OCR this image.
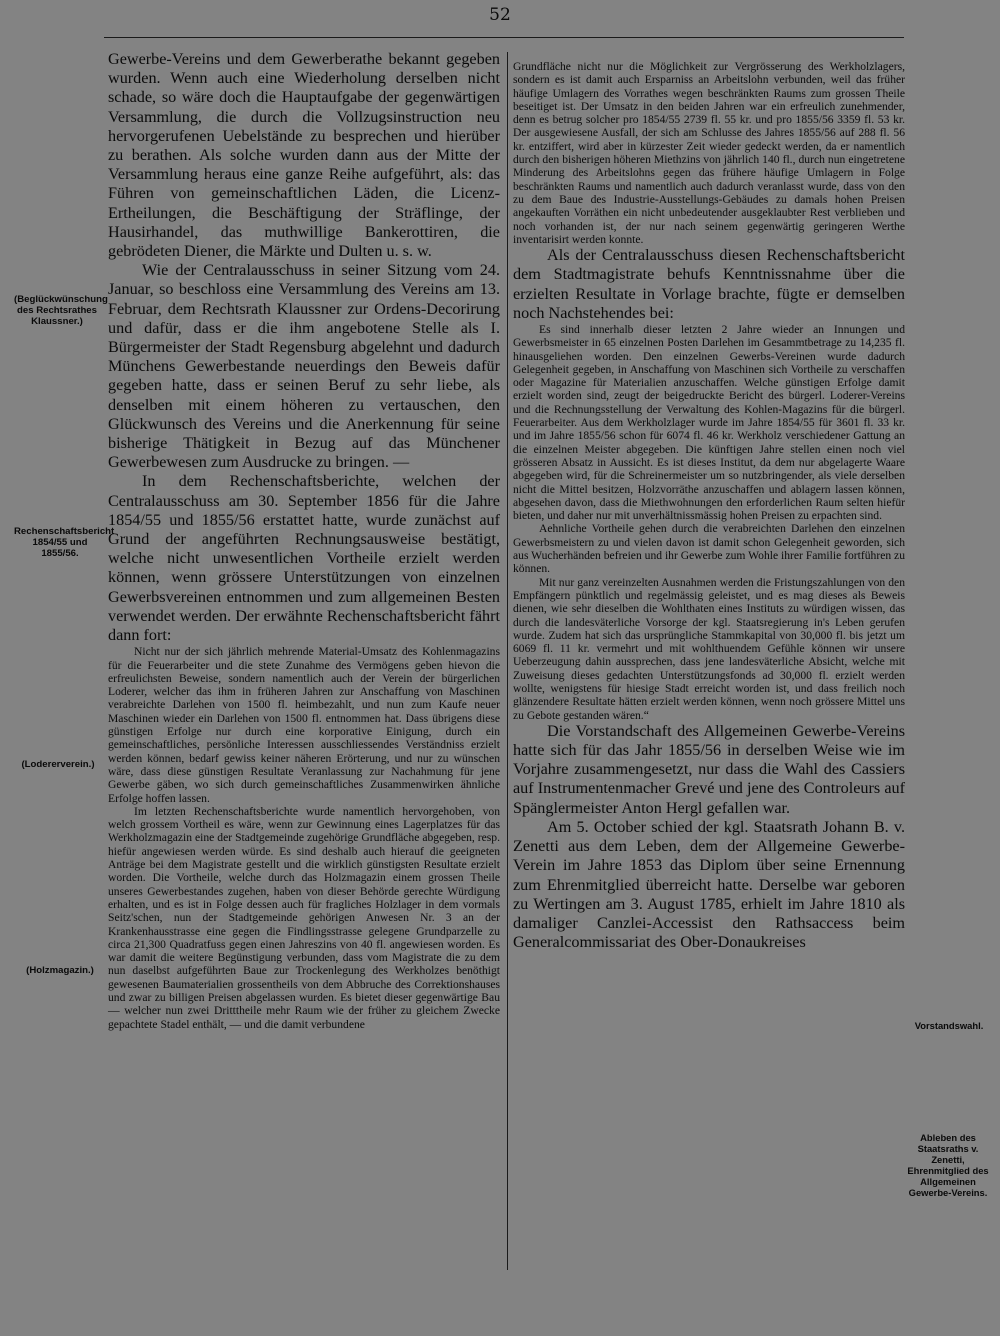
52

Gewerbe-Vereins und dem Gewerberathe bekannt gegeben wurden. Wenn auch eine Wiederholung derselben nicht schade, so wäre doch die Hauptaufgabe der gegenwärtigen Versammlung, die durch die Vollzugsinstruction neu hervorgerufenen Uebelstände zu besprechen und hierüber zu berathen. Als solche wurden dann aus der Mitte der Versammlung heraus eine ganze Reihe aufgeführt, als: das Führen von gemeinschaftlichen Läden, die Licenz-Ertheilungen, die Beschäftigung der Sträflinge, der Hausirhandel, das muthwillige Bankerottiren, die gebrödeten Diener, die Märkte und Dulten u. s. w.

Wie der Centralausschuss in seiner Sitzung vom 24. Januar, so beschloss eine Versammlung des Vereins am 13. Februar, dem Rechtsrath Klaussner zur Ordens-Decorirung und dafür, dass er die ihm angebotene Stelle als I. Bürgermeister der Stadt Regensburg abgelehnt und dadurch Münchens Gewerbestande neuerdings den Beweis dafür gegeben hatte, dass er seinen Beruf zu sehr liebe, als denselben mit einem höheren zu vertauschen, den Glückwunsch des Vereins und die Anerkennung für seine bisherige Thätigkeit in Bezug auf das Münchener Gewerbewesen zum Ausdrucke zu bringen. —

In dem Rechenschaftsberichte, welchen der Centralausschuss am 30. September 1856 für die Jahre 1854/55 und 1855/56 erstattet hatte, wurde zunächst auf Grund der angeführten Rechnungsausweise bestätigt, welche nicht unwesentlichen Vortheile erzielt werden können, wenn grössere Unterstützungen von einzelnen Gewerbsvereinen entnommen und zum allgemeinen Besten verwendet werden. Der erwähnte Rechenschaftsbericht fährt dann fort:

Nicht nur der sich jährlich mehrende Material-Umsatz des Kohlenmagazins für die Feuerarbeiter und die stete Zunahme des Vermögens geben hievon die erfreulichsten Beweise, sondern namentlich auch der Verein der bürgerlichen Loderer, welcher das ihm in früheren Jahren zur Anschaffung von Maschinen verabreichte Darlehen von 1500 fl. heimbezahlt, und nun zum Kaufe neuer Maschinen wieder ein Darlehen von 1500 fl. entnommen hat. Dass übrigens diese günstigen Erfolge nur durch eine korporative Einigung, durch ein gemeinschaftliches, persönliche Interessen ausschliessendes Verständniss erzielt werden können, bedarf gewiss keiner näheren Erörterung, und nur zu wünschen wäre, dass diese günstigen Resultate Veranlassung zur Nachahmung für jene Gewerbe gäben, wo sich durch gemeinschaftliches Zusammenwirken ähnliche Erfolge hoffen lassen.

Im letzten Rechenschaftsberichte wurde namentlich hervorgehoben, von welch grossem Vortheil es wäre, wenn zur Gewinnung eines Lagerplatzes für das Werkholzmagazin eine der Stadtgemeinde zugehörige Grundfläche abgegeben, resp. hiefür angewiesen werden würde. Es sind deshalb auch hierauf die geeigneten Anträge bei dem Magistrate gestellt und die wirklich günstigsten Resultate erzielt worden. Die Vortheile, welche durch das Holzmagazin einem grossen Theile unseres Gewerbestandes zugehen, haben von dieser Behörde gerechte Würdigung erhalten, und es ist in Folge dessen auch für fragliches Holzlager in dem vormals Seitz'schen, nun der Stadtgemeinde gehörigen Anwesen Nr. 3 an der Krankenhausstrasse eine gegen die Findlingsstrasse gelegene Grundparzelle zu circa 21,300 Quadratfuss gegen einen Jahreszins von 40 fl. angewiesen worden. Es war damit die weitere Begünstigung verbunden, dass vom Magistrate die zu dem nun daselbst aufgeführten Baue zur Trockenlegung des Werkholzes benöthigt gewesenen Baumaterialien grossentheils von dem Abbruche des Correktionshauses und zwar zu billigen Preisen abgelassen wurden. Es bietet dieser gegenwärtige Bau — welcher nun zwei Dritttheile mehr Raum wie der früher zu gleichem Zwecke gepachtete Stadel enthält, — und die damit verbundene

Grundfläche nicht nur die Möglichkeit zur Vergrösserung des Werkholzlagers, sondern es ist damit auch Ersparniss an Arbeitslohn verbunden, weil das früher häufige Umlagern des Vorrathes wegen beschränkten Raums zum grossen Theile beseitiget ist. Der Umsatz in den beiden Jahren war ein erfreulich zunehmender, denn es betrug solcher pro 1854/55 2739 fl. 55 kr. und pro 1855/56 3359 fl. 53 kr. Der ausgewiesene Ausfall, der sich am Schlusse des Jahres 1855/56 auf 288 fl. 56 kr. entziffert, wird aber in kürzester Zeit wieder gedeckt werden, da er namentlich durch den bisherigen höheren Miethzins von jährlich 140 fl., durch nun eingetretene Minderung des Arbeitslohns gegen das frühere häufige Umlagern in Folge beschränkten Raums und namentlich auch dadurch veranlasst wurde, dass von den zu dem Baue des Industrie-Ausstellungs-Gebäudes zu damals hohen Preisen angekauften Vorräthen ein nicht unbedeutender ausgeklaubter Rest verblieben und noch vorhanden ist, der nur nach seinem gegenwärtig geringeren Werthe inventarisirt werden konnte.

Als der Centralausschuss diesen Rechenschaftsbericht dem Stadtmagistrate behufs Kenntnissnahme über die erzielten Resultate in Vorlage brachte, fügte er demselben noch Nachstehendes bei:

Es sind innerhalb dieser letzten 2 Jahre wieder an Innungen und Gewerbsmeister in 65 einzelnen Posten Darlehen im Gesammtbetrage zu 14,235 fl. hinausgeliehen worden. Den einzelnen Gewerbs-Vereinen wurde dadurch Gelegenheit gegeben, in Anschaffung von Maschinen sich Vortheile zu verschaffen oder Magazine für Materialien anzuschaffen. Welche günstigen Erfolge damit erzielt worden sind, zeugt der beigedruckte Bericht des bürgerl. Loderer-Vereins und die Rechnungsstellung der Verwaltung des Kohlen-Magazins für die bürgerl. Feuerarbeiter. Aus dem Werkholzlager wurde im Jahre 1854/55 für 3601 fl. 33 kr. und im Jahre 1855/56 schon für 6074 fl. 46 kr. Werkholz verschiedener Gattung an die einzelnen Meister abgegeben. Die künftigen Jahre stellen einen noch viel grösseren Absatz in Aussicht. Es ist dieses Institut, da dem nur abgelagerte Waare abgegeben wird, für die Schreinermeister um so nutzbringender, als viele derselben nicht die Mittel besitzen, Holzvorräthe anzuschaffen und ablagern lassen können, abgesehen davon, dass die Miethwohnungen den erforderlichen Raum selten hiefür bieten, und daher nur mit unverhältnissmässig hohen Preisen zu erpachten sind.

Aehnliche Vortheile gehen durch die verabreichten Darlehen den einzelnen Gewerbsmeistern zu und vielen davon ist damit schon Gelegenheit geworden, sich aus Wucherhänden befreien und ihr Gewerbe zum Wohle ihrer Familie fortführen zu können.

Mit nur ganz vereinzelten Ausnahmen werden die Fristungszahlungen von den Empfängern pünktlich und regelmässig geleistet, und es mag dieses als Beweis dienen, wie sehr dieselben die Wohlthaten eines Instituts zu würdigen wissen, das durch die landesväterliche Vorsorge der kgl. Staatsregierung in's Leben gerufen wurde. Zudem hat sich das ursprüngliche Stammkapital von 30,000 fl. bis jetzt um 6069 fl. 11 kr. vermehrt und mit wohlthuendem Gefühle können wir unsere Ueberzeugung dahin aussprechen, dass jene landesväterliche Absicht, welche mit Zuweisung dieses gedachten Unterstützungsfonds ad 30,000 fl. erzielt werden wollte, wenigstens für hiesige Stadt erreicht worden ist, und dass freilich noch glänzendere Resultate hätten erzielt werden können, wenn noch grössere Mittel uns zu Gebote gestanden wären.“

Die Vorstandschaft des Allgemeinen Gewerbe-Vereins hatte sich für das Jahr 1855/56 in derselben Weise wie im Vorjahre zusammengesetzt, nur dass die Wahl des Cassiers auf Instrumentenmacher Grevé und jene des Controleurs auf Spänglermeister Anton Hergl gefallen war.

Am 5. October schied der kgl. Staatsrath Johann B. v. Zenetti aus dem Leben, dem der Allgemeine Gewerbe-Verein im Jahre 1853 das Diplom über seine Ernennung zum Ehrenmitglied überreicht hatte. Derselbe war geboren zu Wertingen am 3. August 1785, erhielt im Jahre 1810 als damaliger Canzlei-Accessist den Rathsaccess beim Generalcommissariat des Ober-Donaukreises

(Beglückwünschung des Rechtsrathes Klaussner.)
Rechenschaftsbericht 1854/55 und 1855/56.
(Lodererverein.)
(Holzmagazin.)
Vorstandswahl.
Ableben des Staatsraths v. Zenetti, Ehrenmitglied des Allgemeinen Gewerbe-Vereins.
